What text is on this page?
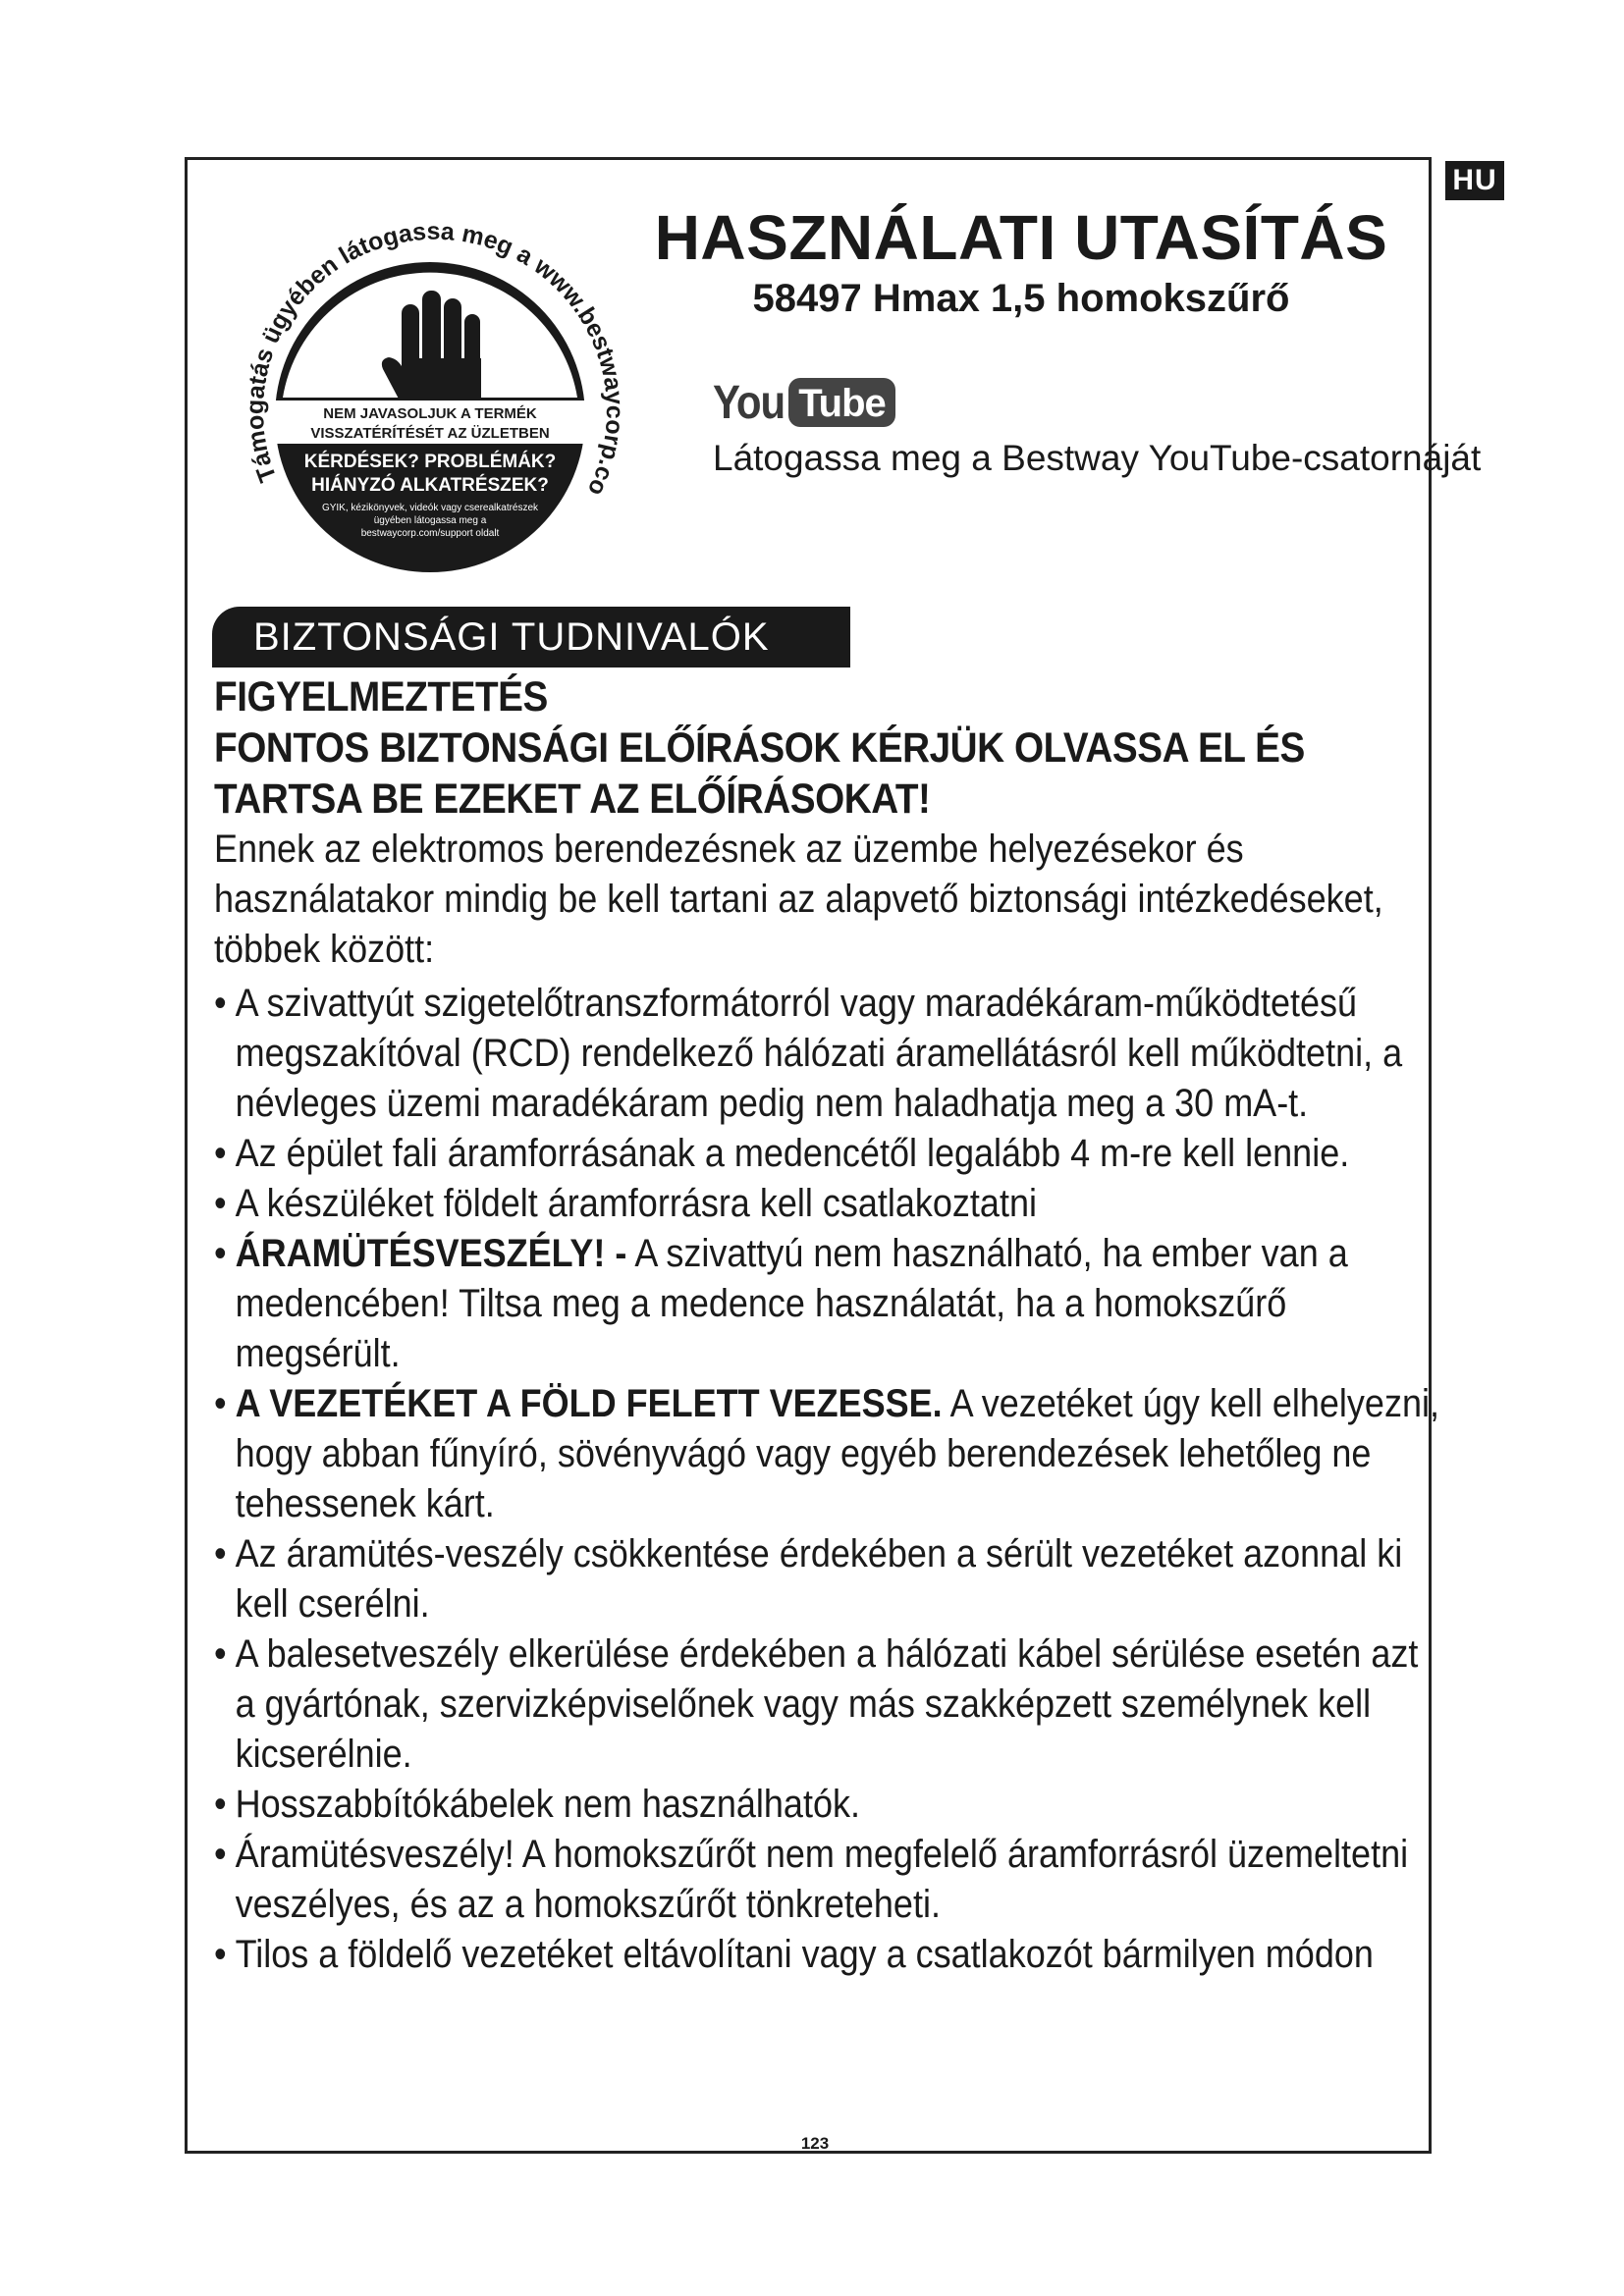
HU
Támogatás ügyében látogassa meg a www.bestwaycorp.co
NEM JAVASOLJUK A TERMÉK
VISSZATÉRÍTÉSÉT AZ ÜZLETBEN
KÉRDÉSEK? PROBLÉMÁK?
HIÁNYZÓ ALKATRÉSZEK?
GYIK, kézikönyvek, videók vagy cserealkatrészek
ügyében látogassa meg a
bestwaycorp.com/support oldalt
HASZNÁLATI UTASÍTÁS
58497 Hmax 1,5 homokszűrő
You Tube
Látogassa meg a Bestway YouTube-csatornáját
BIZTONSÁGI TUDNIVALÓK

FIGYELMEZTETÉS

FONTOS BIZTONSÁGI ELŐÍRÁSOK KÉRJÜK OLVASSA EL ÉS

TARTSA BE EZEKET AZ ELŐÍRÁSOKAT!

Ennek az elektromos berendezésnek az üzembe helyezésekor és használatakor mindig be kell tartani az alapvető biztonsági intézkedéseket, többek között:

• A szivattyút szigetelőtranszformátorról vagy maradékáram-működtetésű megszakítóval (RCD) rendelkező hálózati áramellátásról kell működtetni, a névleges üzemi maradékáram pedig nem haladhatja meg a 30 mA-t.
• Az épület fali áramforrásának a medencétől legalább 4 m-re kell lennie.
• A készüléket földelt áramforrásra kell csatlakoztatni
• ÁRAMÜTÉSVESZÉLY! - A szivattyú nem használható, ha ember van a medencében! Tiltsa meg a medence használatát, ha a homokszűrő megsérült.
• A VEZETÉKET A FÖLD FELETT VEZESSE. A vezetéket úgy kell elhelyezni, hogy abban fűnyíró, sövényvágó vagy egyéb berendezések lehetőleg ne tehessenek kárt.
• Az áramütés-veszély csökkentése érdekében a sérült vezetéket azonnal ki kell cserélni.
• A balesetveszély elkerülése érdekében a hálózati kábel sérülése esetén azt a gyártónak, szervizképviselőnek vagy más szakképzett személynek kell kicserélnie.
• Hosszabbítókábelek nem használhatók.
• Áramütésveszély! A homokszűrőt nem megfelelő áramforrásról üzemeltetni veszélyes, és az a homokszűrőt tönkreteheti.
• Tilos a földelő vezetéket eltávolítani vagy a csatlakozót bármilyen módon
123
